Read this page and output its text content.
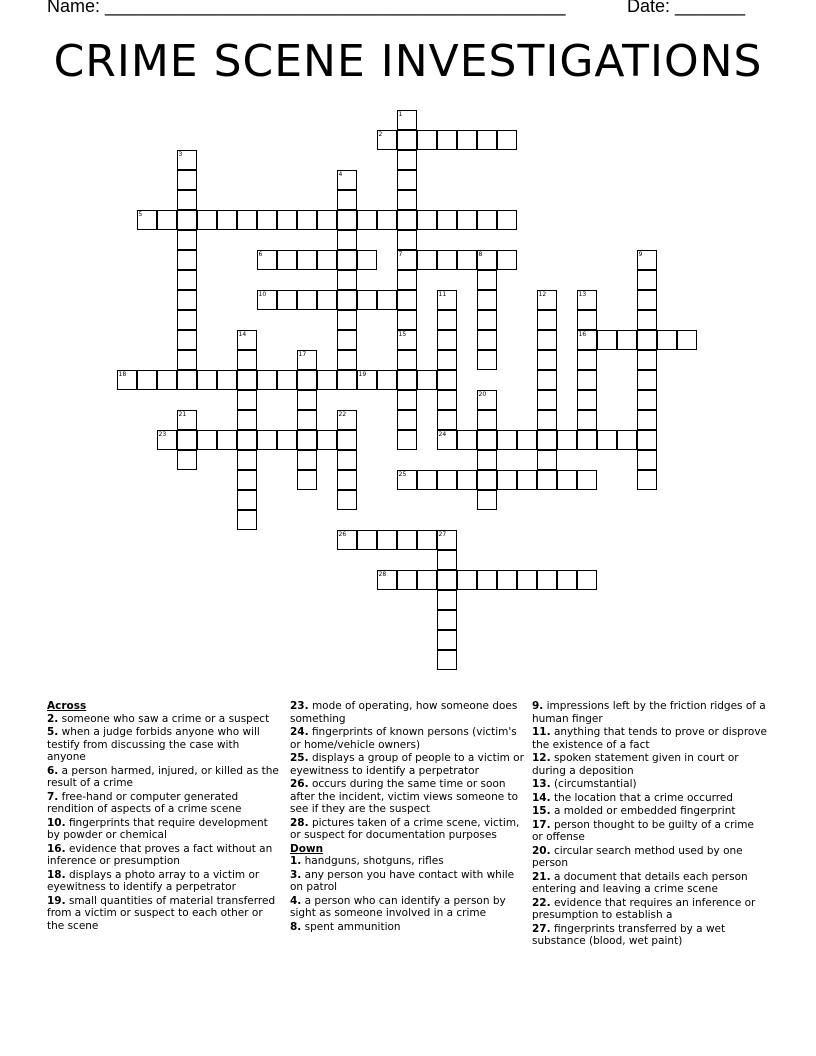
Name: ______________________________________________	Date: _______
CRIME SCENE INVESTIGATIONS
2
5
6	7	8
10
16
18	19
23	24
25
26	27
28
1
15
3
4
9
11	12	13
14
17
20
21	22
Across
2. someone who saw a crime or a suspect
5. when a judge forbids anyone who will testify from discussing the case with anyone
6. a person harmed, injured, or killed as the result of a crime
7. free-hand or computer generated rendition of aspects of a crime scene
10. fingerprints that require development by powder or chemical
16. evidence that proves a fact without an inference or presumption
18. displays a photo array to a victim or eyewitness to identify a perpetrator
19. small quantities of material transferred from a victim or suspect to each other or the scene
23. mode of operating, how someone does something
24. fingerprints of known persons (victim's or home/vehicle owners)
25. displays a group of people to a victim or eyewitness to identify a perpetrator
26. occurs during the same time or soon after the incident, victim views someone to see if they are the suspect
28. pictures taken of a crime scene, victim, or suspect for documentation purposes
Down
1. handguns, shotguns, rifles
3. any person you have contact with while on patrol
4. a person who can identify a person by sight as someone involved in a crime
8. spent ammunition
9. impressions left by the friction ridges of a human finger
11. anything that tends to prove or disprove the existence of a fact
12. spoken statement given in court or during a deposition
13. (circumstantial)
14. the location that a crime occurred
15. a molded or embedded fingerprint
17. person thought to be guilty of a crime or offense
20. circular search method used by one person
21. a document that details each person entering and leaving a crime scene
22. evidence that requires an inference or presumption to establish a
27. fingerprints transferred by a wet substance (blood, wet paint)
